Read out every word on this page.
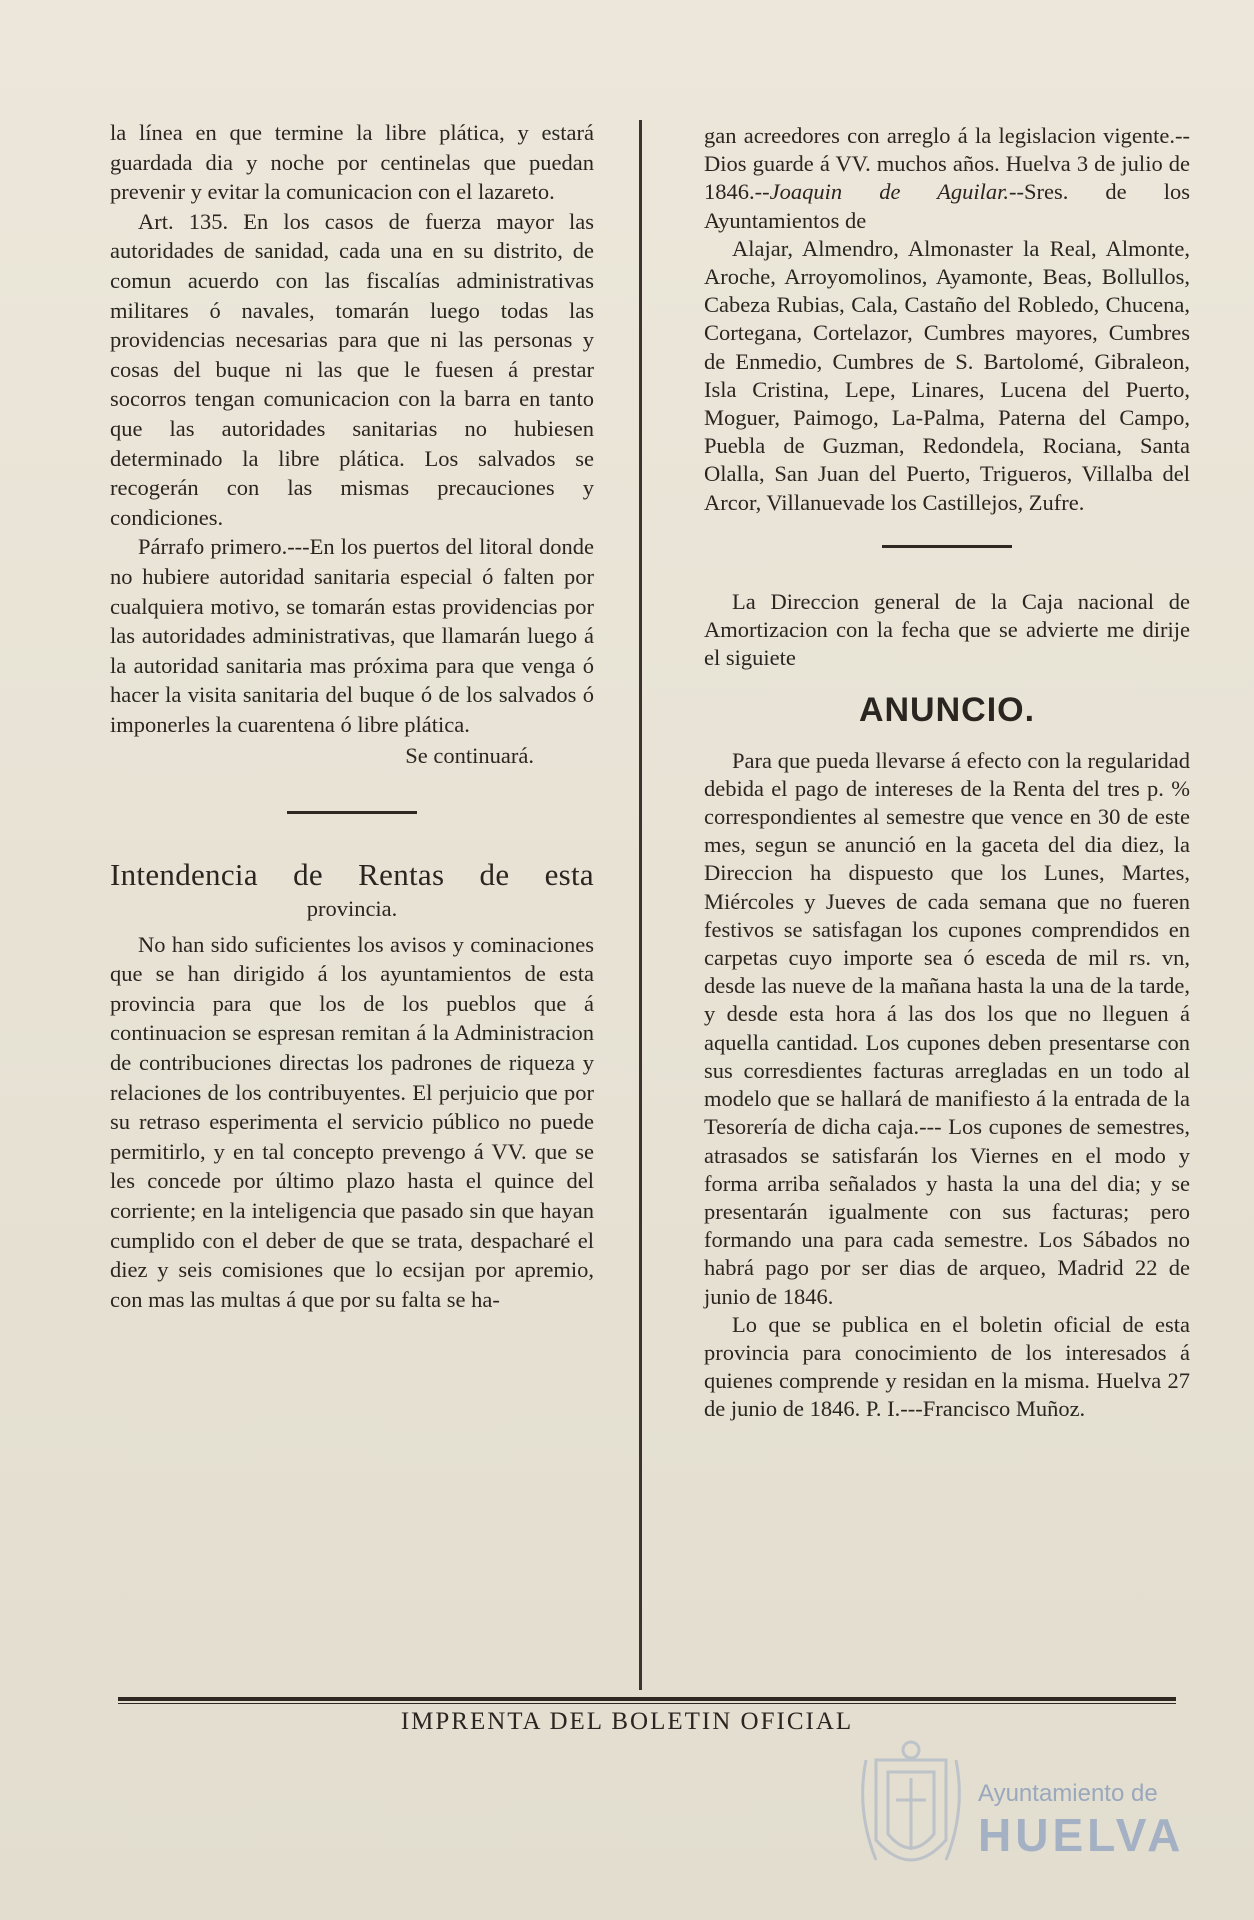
la línea en que termine la libre plática, y estará guardada dia y noche por centinelas que puedan prevenir y evitar la comunicacion con el lazareto.

Art. 135. En los casos de fuerza mayor las autoridades de sanidad, cada una en su distrito, de comun acuerdo con las fiscalías administrativas militares ó navales, tomarán luego todas las providencias necesarias para que ni las personas y cosas del buque ni las que le fuesen á prestar socorros tengan comunicacion con la barra en tanto que las autoridades sanitarias no hubiesen determinado la libre plática. Los salvados se recogerán con las mismas precauciones y condiciones.

Párrafo primero.---En los puertos del litoral donde no hubiere autoridad sanitaria especial ó falten por cualquiera motivo, se tomarán estas providencias por las autoridades administrativas, que llamarán luego á la autoridad sanitaria mas próxima para que venga ó hacer la visita sanitaria del buque ó de los salvados ó imponerles la cuarentena ó libre plática.

Se continuará.

Intendencia de Rentas de esta

provincia.

No han sido suficientes los avisos y cominaciones que se han dirigido á los ayuntamientos de esta provincia para que los de los pueblos que á continuacion se espresan remitan á la Administracion de contribuciones directas los padrones de riqueza y relaciones de los contribuyentes. El perjuicio que por su retraso esperimenta el servicio público no puede permitirlo, y en tal concepto prevengo á VV. que se les concede por último plazo hasta el quince del corriente; en la inteligencia que pasado sin que hayan cumplido con el deber de que se trata, despacharé el diez y seis comisiones que lo ecsijan por apremio, con mas las multas á que por su falta se ha-

gan acreedores con arreglo á la legislacion vigente.--Dios guarde á VV. muchos años. Huelva 3 de julio de 1846.--Joaquin de Aguilar.--Sres. de los Ayuntamientos de

Alajar, Almendro, Almonaster la Real, Almonte, Aroche, Arroyomolinos, Ayamonte, Beas, Bollullos, Cabeza Rubias, Cala, Castaño del Robledo, Chucena, Cortegana, Cortelazor, Cumbres mayores, Cumbres de Enmedio, Cumbres de S. Bartolomé, Gibraleon, Isla Cristina, Lepe, Linares, Lucena del Puerto, Moguer, Paimogo, La-Palma, Paterna del Campo, Puebla de Guzman, Redondela, Rociana, Santa Olalla, San Juan del Puerto, Trigueros, Villalba del Arcor, Villanuevade los Castillejos, Zufre.

La Direccion general de la Caja nacional de Amortizacion con la fecha que se advierte me dirije el siguiete

ANUNCIO.

Para que pueda llevarse á efecto con la regularidad debida el pago de intereses de la Renta del tres p. % correspondientes al semestre que vence en 30 de este mes, segun se anunció en la gaceta del dia diez, la Direccion ha dispuesto que los Lunes, Martes, Miércoles y Jueves de cada semana que no fueren festivos se satisfagan los cupones comprendidos en carpetas cuyo importe sea ó esceda de mil rs. vn, desde las nueve de la mañana hasta la una de la tarde, y desde esta hora á las dos los que no lleguen á aquella cantidad. Los cupones deben presentarse con sus corresdientes facturas arregladas en un todo al modelo que se hallará de manifiesto á la entrada de la Tesorería de dicha caja.--- Los cupones de semestres, atrasados se satisfarán los Viernes en el modo y forma arriba señalados y hasta la una del dia; y se presentarán igualmente con sus facturas; pero formando una para cada semestre. Los Sábados no habrá pago por ser dias de arqueo, Madrid 22 de junio de 1846.

Lo que se publica en el boletin oficial de esta provincia para conocimiento de los interesados á quienes comprende y residan en la misma. Huelva 27 de junio de 1846. P. I.---Francisco Muñoz.

IMPRENTA DEL BOLETIN OFICIAL
Ayuntamiento de
HUELVA
